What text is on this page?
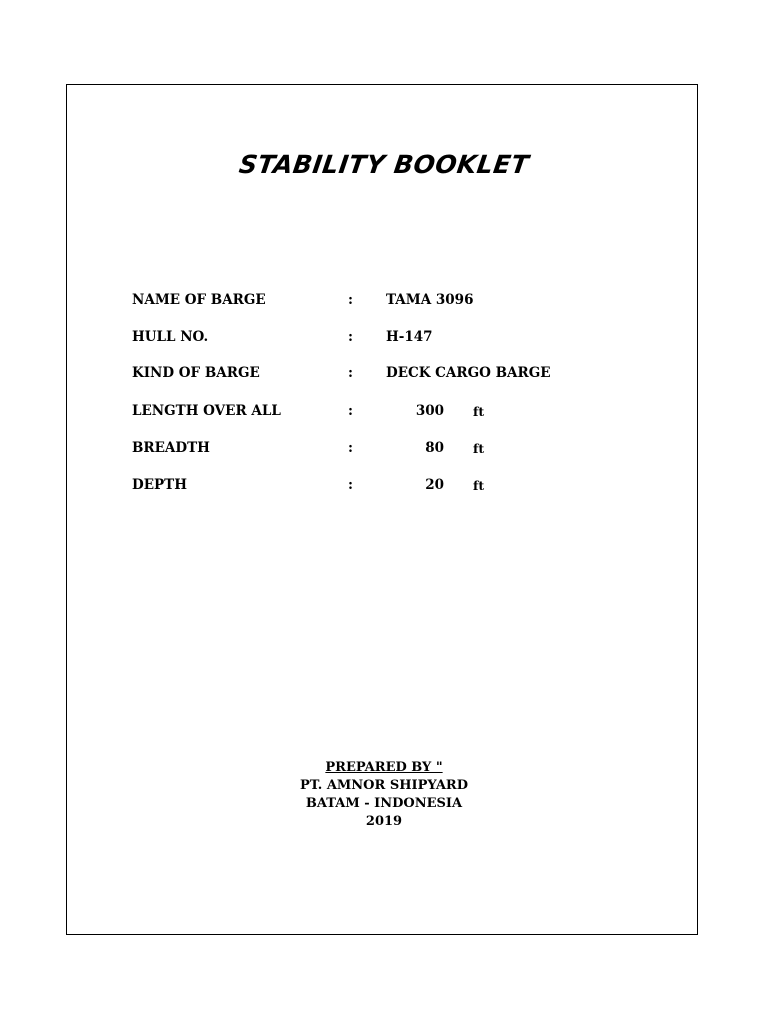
STABILITY BOOKLET
NAME OF BARGE	: TAMA 3096
HULL NO.	: H-147
KIND OF BARGE	: DECK CARGO BARGE
LENGTH OVER ALL	:	300 ft
BREADTH	:	80 ft
DEPTH	:	20 ft
PREPARED BY "
PT. AMNOR SHIPYARD
BATAM - INDONESIA
2019
